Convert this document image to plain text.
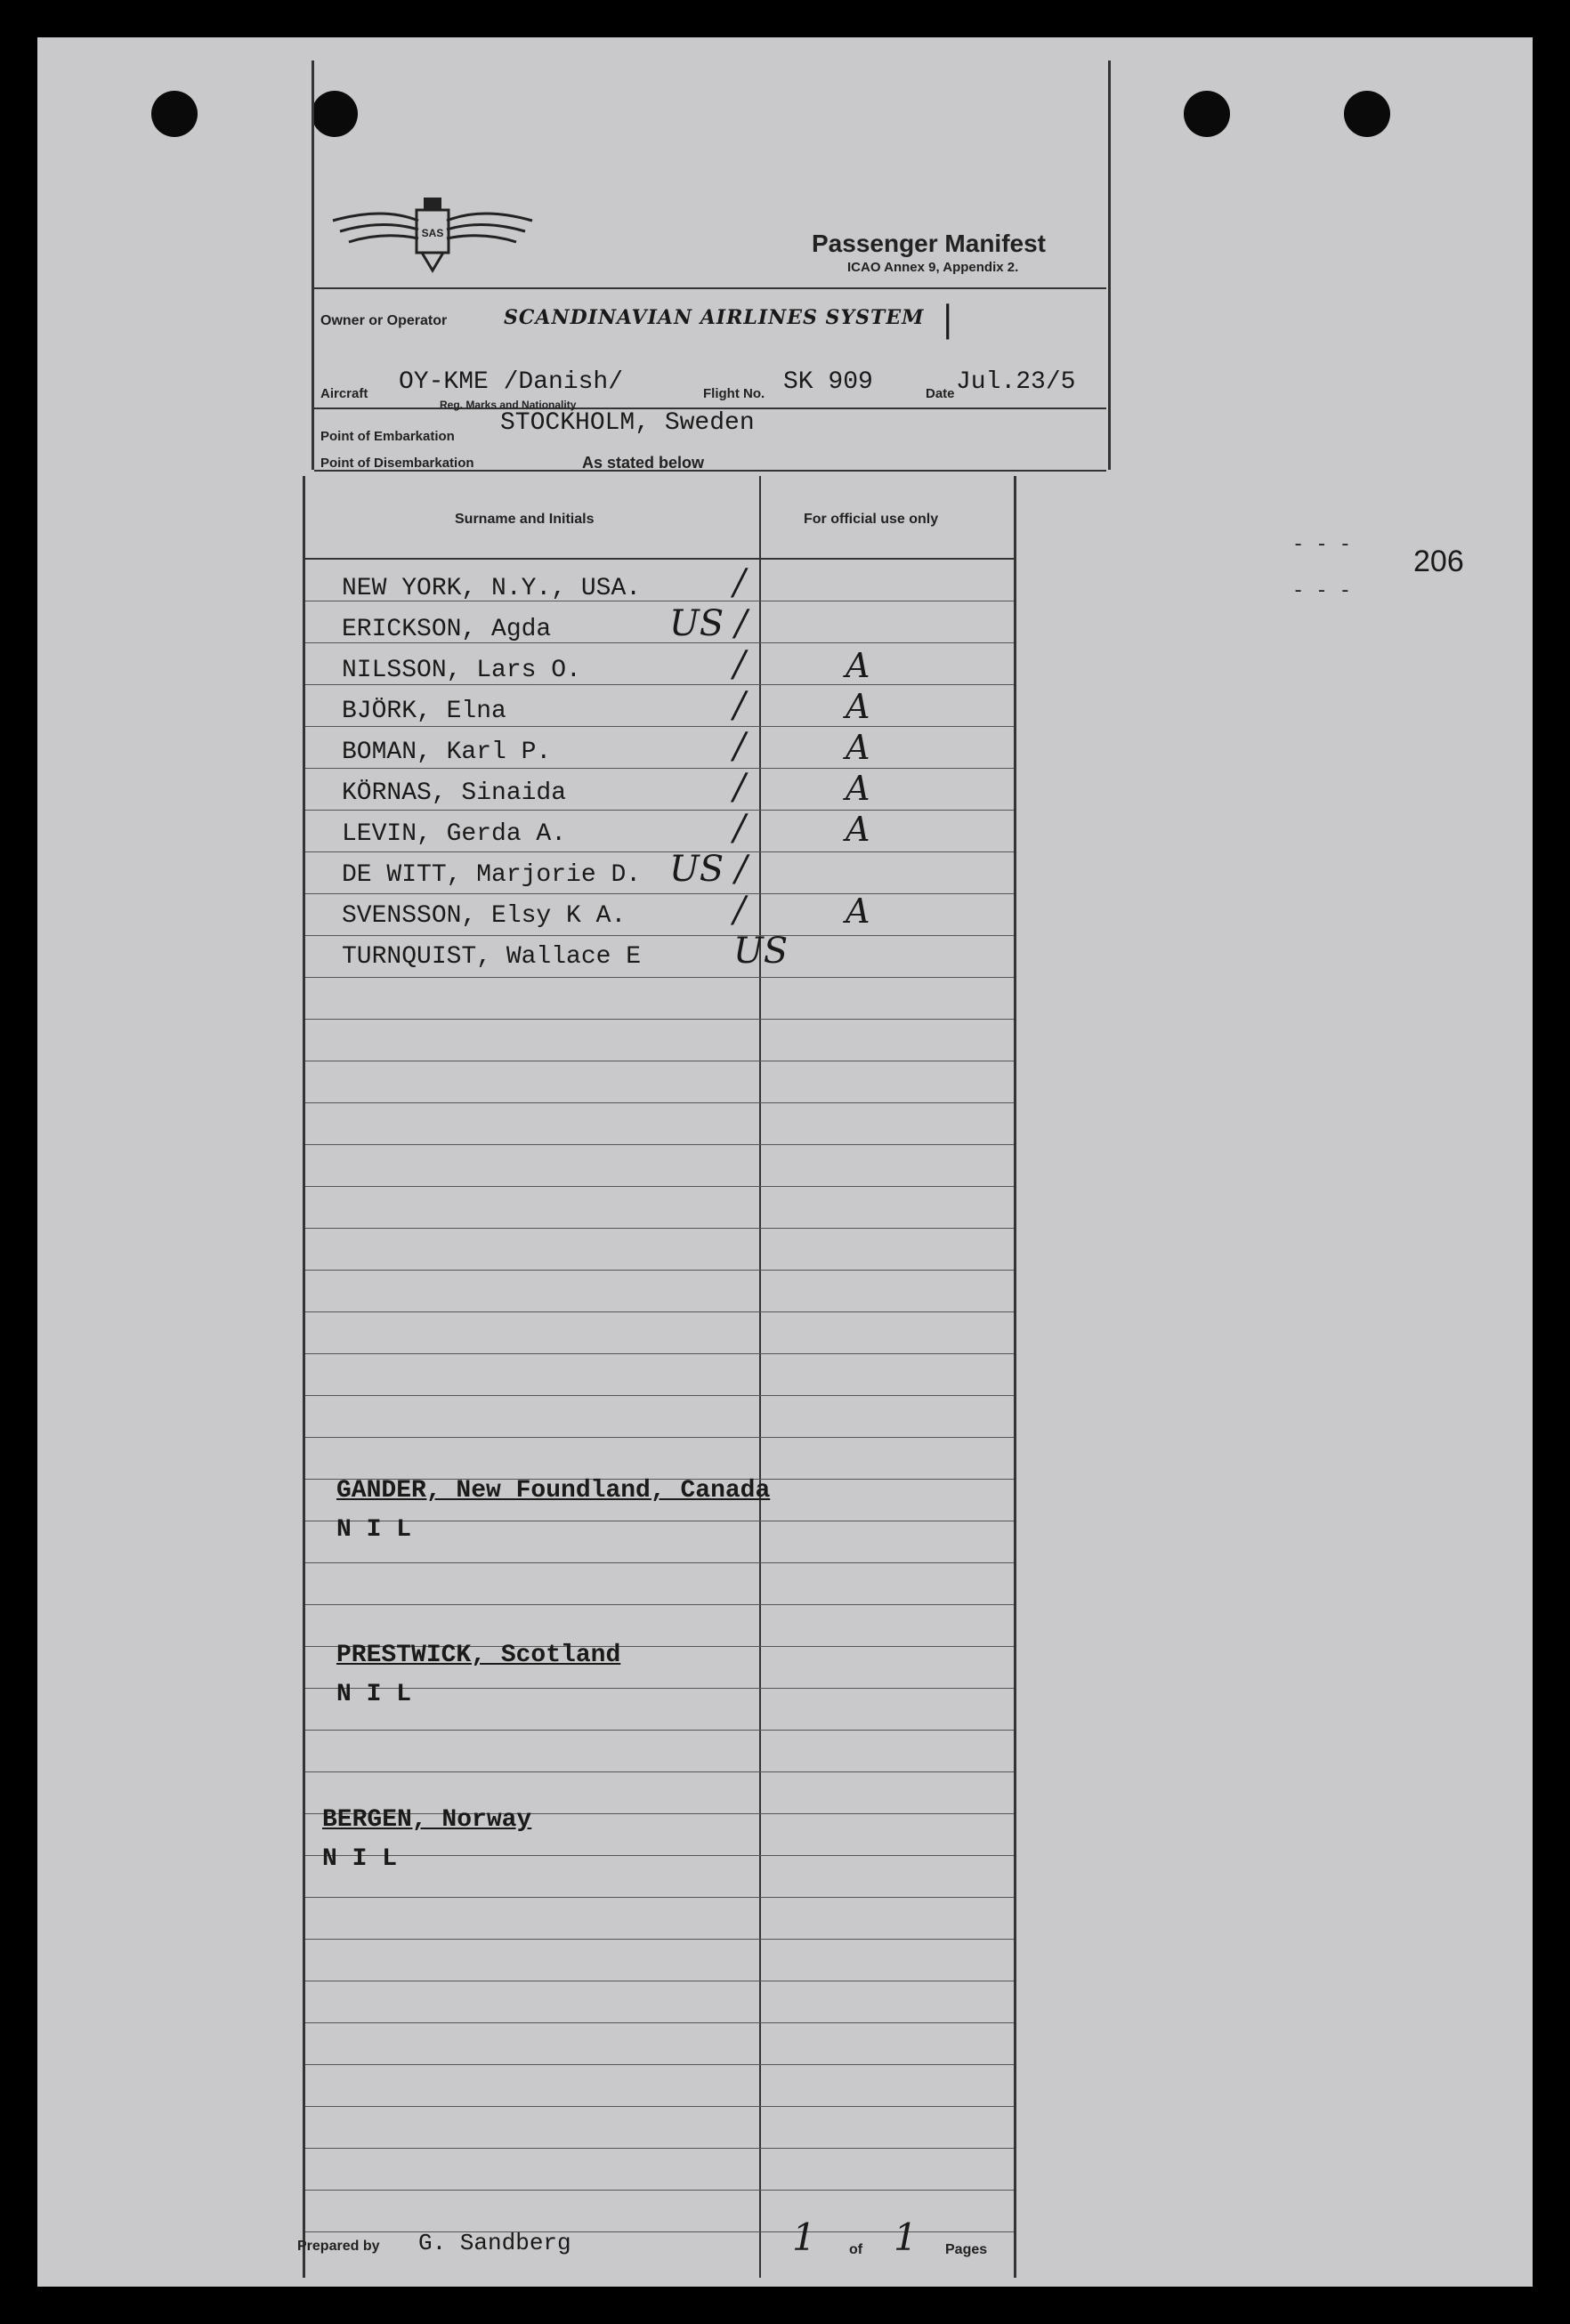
SAS	Passenger Manifest
ICAO Annex 9, Appendix 2.
Owner or Operator	SCANDINAVIAN AIRLINES SYSTEM |
Aircraft OY-KME /Danish/
Reg. Marks and Nationality
Flight No. SK 909	Date Jul.23/5
Point of Embarkation STOCKHOLM, Sweden
Point of Disembarkation	As stated below
206
- - -
- - -
Surname and Initials	For official use only
NEW YORK, N.Y., USA.	/
ERICKSON, Agda	US /
NILSSON, Lars O.	/	A
BJÖRK, Elna	/	A
BOMAN, Karl P.	/	A
KÖRNAS, Sinaida	/	A
LEVIN, Gerda A.	/	A
DE WITT, Marjorie D. US /
SVENSSON, Elsy K A.	/	A
TURNQUIST, Wallace E	US
GANDER, New Foundland, Canada
N I L
PRESTWICK, Scotland
N I L
BERGEN, Norway
N I L
Prepared by G. Sandberg	1 of 1 Pages
